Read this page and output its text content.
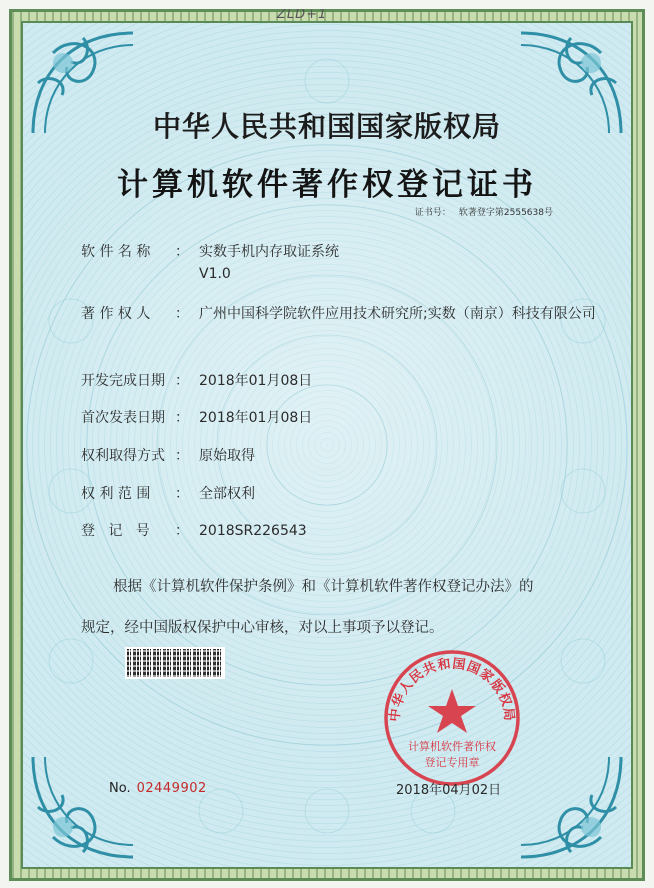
ZLD+1
中华人民共和国国家版权局
计算机软件著作权登记证书
证书号： 软著登字第2555638号
软 件 名 称 ： 实数手机内存取证系统
V1.0
著 作 权 人 ： 广州中国科学院软件应用技术研究所;实数（南京）科技有限公司
开发完成日期 ： 2018年01月08日
首次发表日期 ： 2018年01月08日
权利取得方式 ： 原始取得
权 利 范 围 ： 全部权利
登   记   号 ： 2018SR226543
根据《计算机软件保护条例》和《计算机软件著作权登记办法》的
规定，经中国版权保护中心审核，对以上事项予以登记。
No. 02449902
中华人民共和国国家版权局
计算机软件著作权
登记专用章
2018年04月02日
